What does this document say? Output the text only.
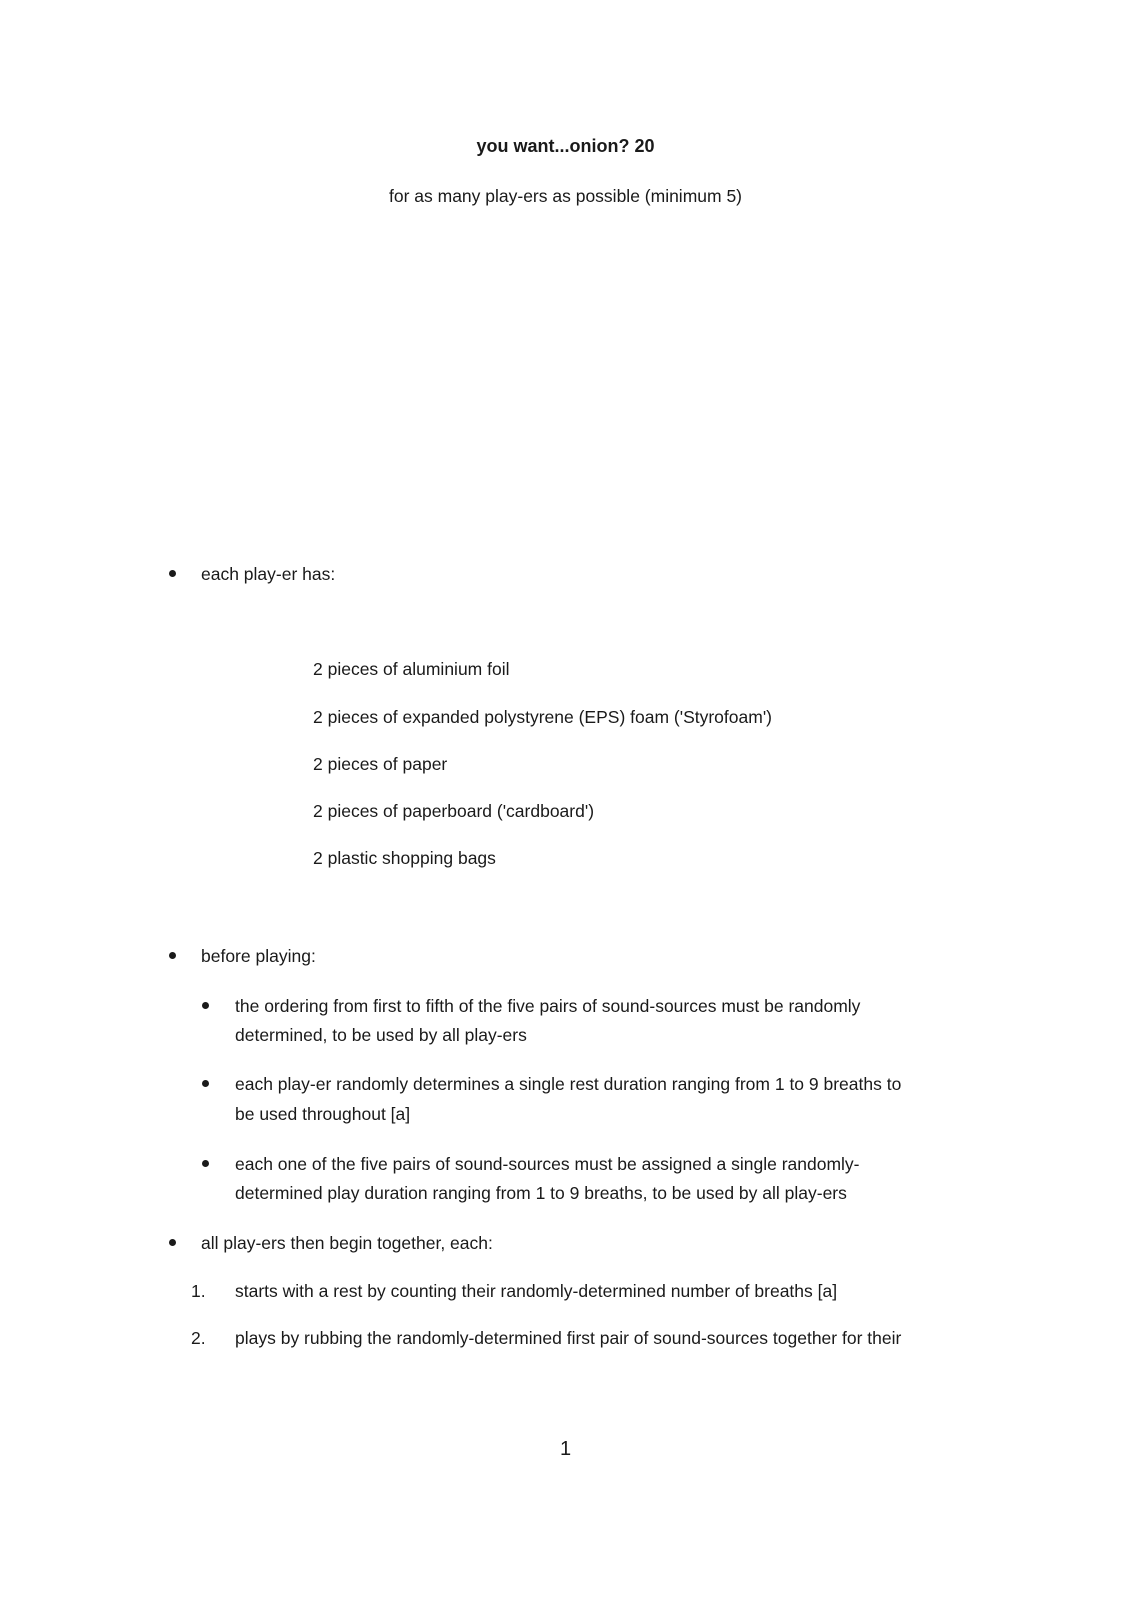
you want...onion? 20
for as many play-ers as possible (minimum 5)
each play-er has:
2 pieces of aluminium foil
2 pieces of expanded polystyrene (EPS) foam ('Styrofoam')
2 pieces of paper
2 pieces of paperboard ('cardboard')
2 plastic shopping bags
before playing:
the ordering from first to fifth of the five pairs of sound-sources must be randomly
determined, to be used by all play-ers
each play-er randomly determines a single rest duration ranging from 1 to 9 breaths to
be used throughout [a]
each one of the five pairs of sound-sources must be assigned a single randomly-
determined play duration ranging from 1 to 9 breaths, to be used by all play-ers
all play-ers then begin together, each:
1. starts with a rest by counting their randomly-determined number of breaths [a]
2. plays by rubbing the randomly-determined first pair of sound-sources together for their
1
